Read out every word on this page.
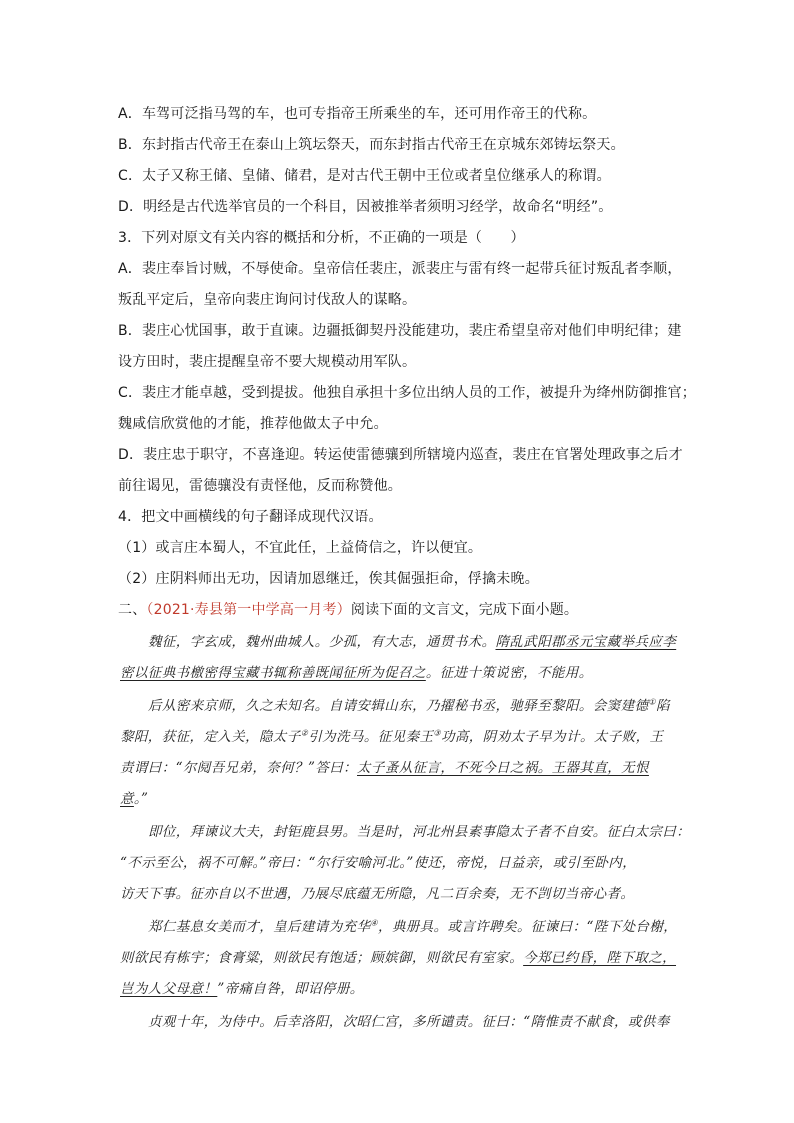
A．车驾可泛指马驾的车，也可专指帝王所乘坐的车，还可用作帝王的代称。
B．东封指古代帝王在泰山上筑坛祭天，而东封指古代帝王在京城东郊铸坛祭天。
C．太子又称王储、皇储、储君，是对古代王朝中王位或者皇位继承人的称谓。
D．明经是古代选举官员的一个科目，因被推举者须明习经学，故命名“明经”。
3．下列对原文有关内容的概括和分析，不正确的一项是（　　）
A．裴庄奉旨讨贼，不辱使命。皇帝信任裴庄，派裴庄与雷有终一起带兵征讨叛乱者李顺，
叛乱平定后，皇帝向裴庄询问讨伐敌人的谋略。
B．裴庄心忧国事，敢于直谏。边疆抵御契丹没能建功，裴庄希望皇帝对他们申明纪律；建
设方田时，裴庄提醒皇帝不要大规模动用军队。
C．裴庄才能卓越，受到提拔。他独自承担十多位出纳人员的工作，被提升为绛州防御推官；
魏咸信欣赏他的才能，推荐他做太子中允。
D．裴庄忠于职守，不喜逢迎。转运使雷德骧到所辖境内巡查，裴庄在官署处理政事之后才
前往谒见，雷德骧没有责怪他，反而称赞他。
4．把文中画横线的句子翻译成现代汉语。
（1）或言庄本蜀人，不宜此任，上益倚信之，许以便宜。
（2）庄阴料师出无功，因请加恩继迁，俟其倔强拒命，俘擒未晚。
二、（2021·寿县第一中学高一月考）阅读下面的文言文，完成下面小题。
魏征，字玄成，魏州曲城人。少孤，有大志，通贯书术。隋乱武阳郡丞元宝藏举兵应李
密以征典书檄密得宝藏书辄称善既闻征所为促召之。征进十策说密，不能用。
后从密来京师，久之未知名。自请安辑山东，乃擢秘书丞，驰驿至黎阳。会窦建德①陷
黎阳，获征，定入关，隐太子②引为洗马。征见秦王③功高，阴劝太子早为计。太子败，王
责谓曰：“尔阋吾兄弟，奈何？”答曰：太子蚤从征言，不死今日之祸。王器其直，无恨
意。”
即位，拜谏议大夫，封钜鹿县男。当是时，河北州县素事隐太子者不自安。征白太宗曰：
“不示至公，祸不可解。”帝曰：“尔行安喻河北。”使还，帝悦，日益亲，或引至卧内，
访天下事。征亦自以不世遇，乃展尽底蕴无所隐，凡二百余奏，无不剀切当帝心者。
郑仁基息女美而才，皇后建请为充华④，典册具。或言许聘矣。征谏曰：“陛下处台榭，
则欲民有栋宇；食膏粱，则欲民有饱适；顾嫔御，则欲民有室家。今郑已约昏，陛下取之，
岂为人父母意！”帝痛自咎，即诏停册。
贞观十年，为侍中。后幸洛阳，次昭仁宫，多所谴责。征曰：“隋惟责不献食，或供奉
